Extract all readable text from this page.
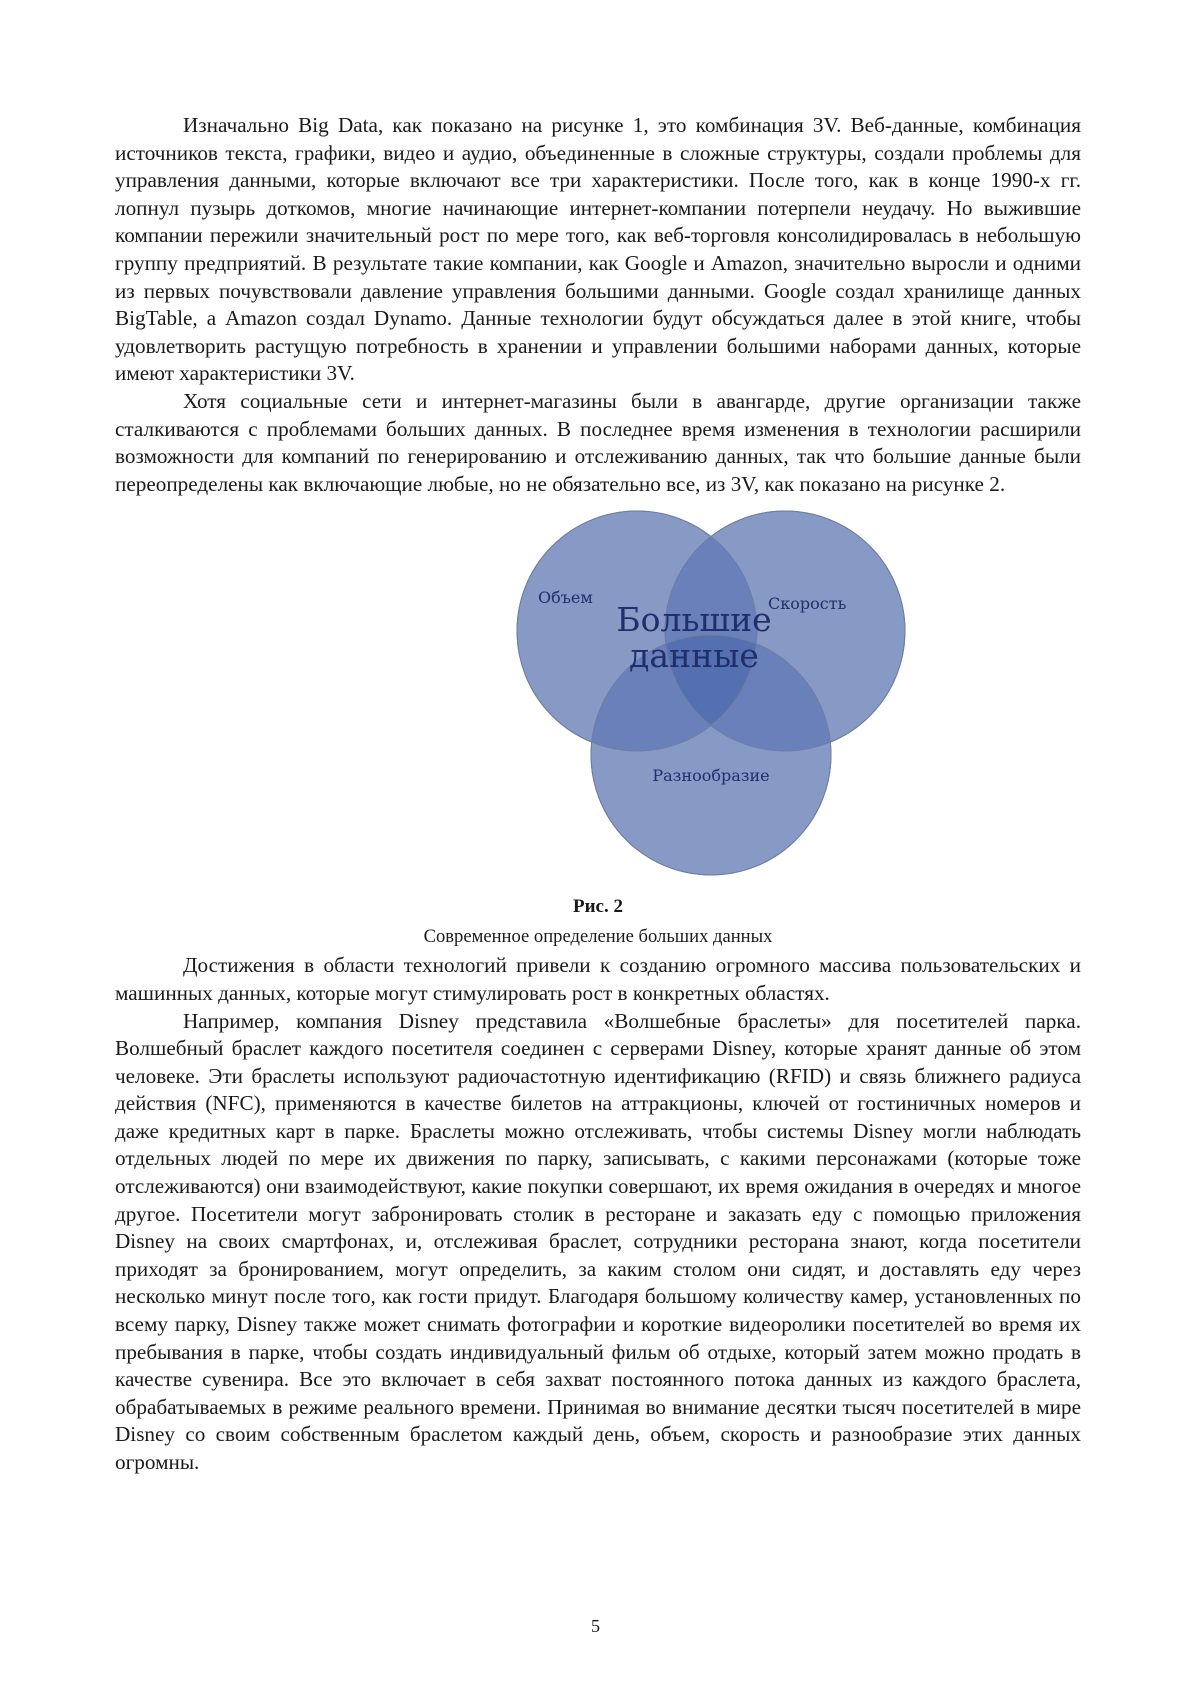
Изначально Big Data, как показано на рисунке 1, это комбинация 3V. Веб-данные, комбинация источников текста, графики, видео и аудио, объединенные в сложные структуры, создали проблемы для управления данными, которые включают все три характеристики. После того, как в конце 1990-х гг. лопнул пузырь доткомов, многие начинающие интернет-компании потерпели неудачу. Но выжившие компании пережили значительный рост по мере того, как веб-торговля консолидировалась в небольшую группу предприятий. В результате такие компании, как Google и Amazon, значительно выросли и одними из первых почувствовали давление управления большими данными. Google создал хранилище данных BigTable, а Amazon создал Dynamo. Данные технологии будут обсуждаться далее в этой книге, чтобы удовлетворить растущую потребность в хранении и управлении большими наборами данных, которые имеют характеристики 3V.

Хотя социальные сети и интернет-магазины были в авангарде, другие организации также сталкиваются с проблемами больших данных. В последнее время изменения в технологии расширили возможности для компаний по генерированию и отслеживанию данных, так что большие данные были переопределены как включающие любые, но не обязательно все, из 3V, как показано на рисунке 2.

Объем	Скорость
Разнообразие
Большие
данные

Рис. 2

Современное определение больших данных

Достижения в области технологий привели к созданию огромного массива пользовательских и машинных данных, которые могут стимулировать рост в конкретных областях.

Например, компания Disney представила «Волшебные браслеты» для посетителей парка. Волшебный браслет каждого посетителя соединен с серверами Disney, которые хранят данные об этом человеке. Эти браслеты используют радиочастотную идентификацию (RFID) и связь ближнего радиуса действия (NFC), применяются в качестве билетов на аттракционы, ключей от гостиничных номеров и даже кредитных карт в парке. Браслеты можно отслеживать, чтобы системы Disney могли наблюдать отдельных людей по мере их движения по парку, записывать, с какими персонажами (которые тоже отслеживаются) они взаимодействуют, какие покупки совершают, их время ожидания в очередях и многое другое. Посетители могут забронировать столик в ресторане и заказать еду с помощью приложения Disney на своих смартфонах, и, отслеживая браслет, сотрудники ресторана знают, когда посетители приходят за бронированием, могут определить, за каким столом они сидят, и доставлять еду через несколько минут после того, как гости придут. Благодаря большому количеству камер, установленных по всему парку, Disney также может снимать фотографии и короткие видеоролики посетителей во время их пребывания в парке, чтобы создать индивидуальный фильм об отдыхе, который затем можно продать в качестве сувенира. Все это включает в себя захват постоянного потока данных из каждого браслета, обрабатываемых в режиме реального времени. Принимая во внимание десятки тысяч посетителей в мире Disney со своим собственным браслетом каждый день, объем, скорость и разнообразие этих данных огромны.

5
